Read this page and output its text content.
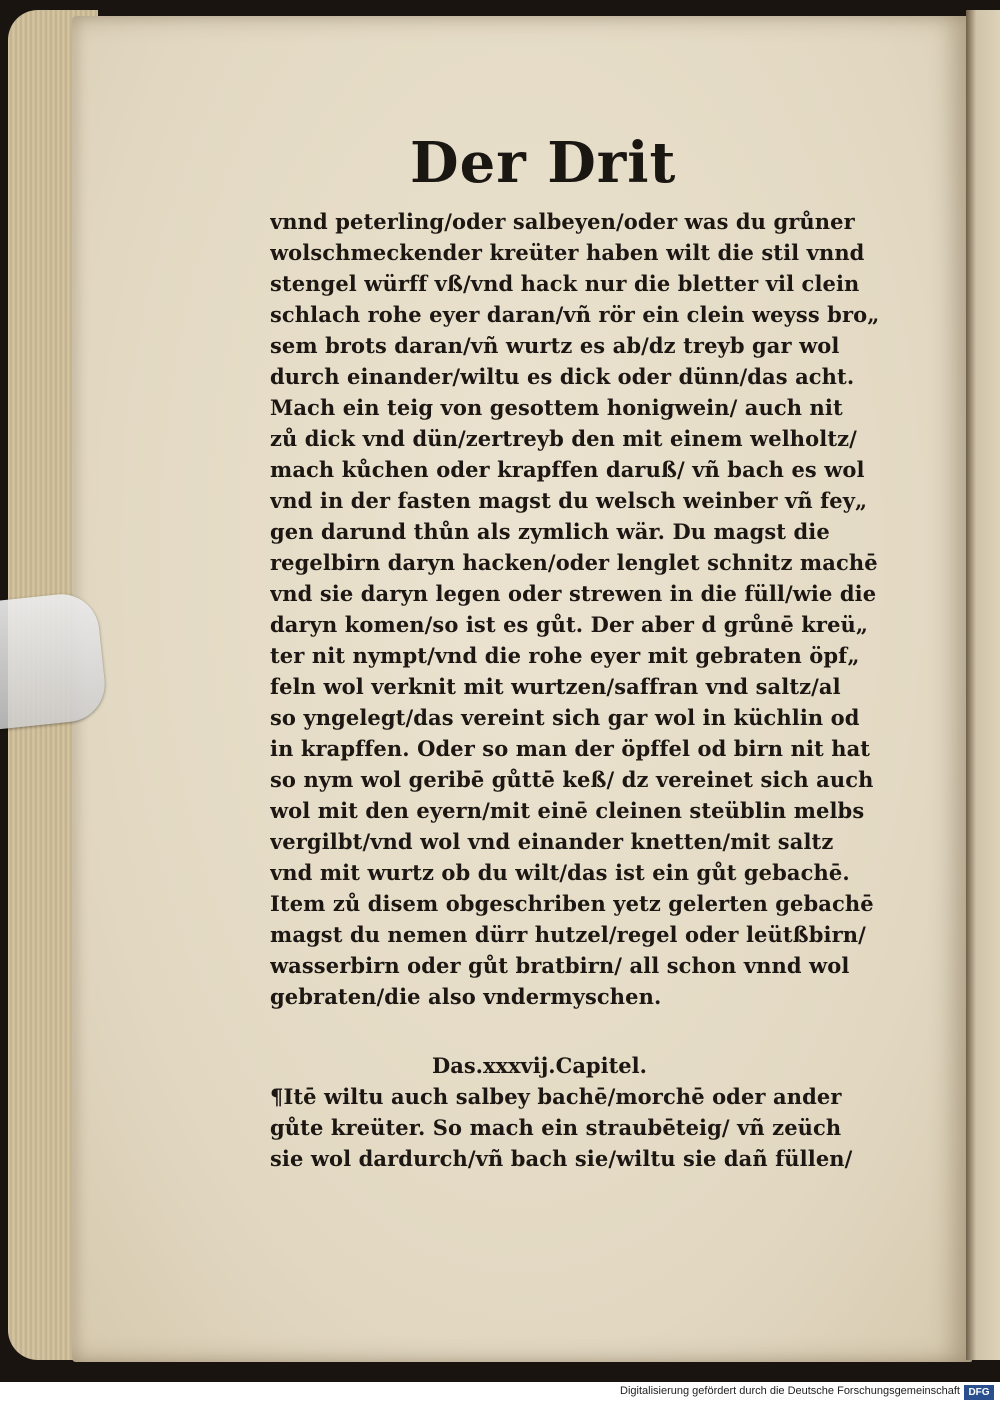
Der Drit
vnnd peterling/oder salbeyen/oder was du grůner
wolschmeckender kreüter haben wilt die stil vnnd
stengel würff vß/vnd hack nur die bletter vil clein
schlach rohe eyer daran/vñ rör ein clein weyss bro„
sem brots daran/vñ wurtz es ab/dz treyb gar wol
durch einander/wiltu es dick oder dünn/das acht.
Mach ein teig von gesottem honigwein/ auch nit
zů dick vnd dün/zertreyb den mit einem welholtz/
mach kůchen oder krapffen daruß/ vñ bach es wol
vnd in der fasten magst du welsch weinber vñ fey„
gen darund thůn als zymlich wär. Du magst die
regelbirn daryn hacken/oder lenglet schnitz machē
vnd sie daryn legen oder strewen in die füll/wie die
daryn komen/so ist es gůt. Der aber d grůnē kreü„
ter nit nympt/vnd die rohe eyer mit gebraten öpf„
feln wol verknit mit wurtzen/saffran vnd saltz/al
so yngelegt/das vereint sich gar wol in küchlin od
in krapffen. Oder so man der öpffel od birn nit hat
so nym wol geribē gůttē keß/ dz vereinet sich auch
wol mit den eyern/mit einē cleinen steüblin melbs
vergilbt/vnd wol vnd einander knetten/mit saltz
vnd mit wurtz ob du wilt/das ist ein gůt gebachē.
Item zů disem obgeschriben yetz gelerten gebachē
magst du nemen dürr hutzel/regel oder leütßbirn/
wasserbirn oder gůt bratbirn/ all schon vnnd wol
gebraten/die also vndermyschen.
Das.xxxvij.Capitel.
¶Itē wiltu auch salbey bachē/morchē oder ander
gůte kreüter. So mach ein straubēteig/ vñ zeüch
sie wol dardurch/vñ bach sie/wiltu sie dañ füllen/
Digitalisierung gefördert durch die Deutsche Forschungsgemeinschaft DFG
